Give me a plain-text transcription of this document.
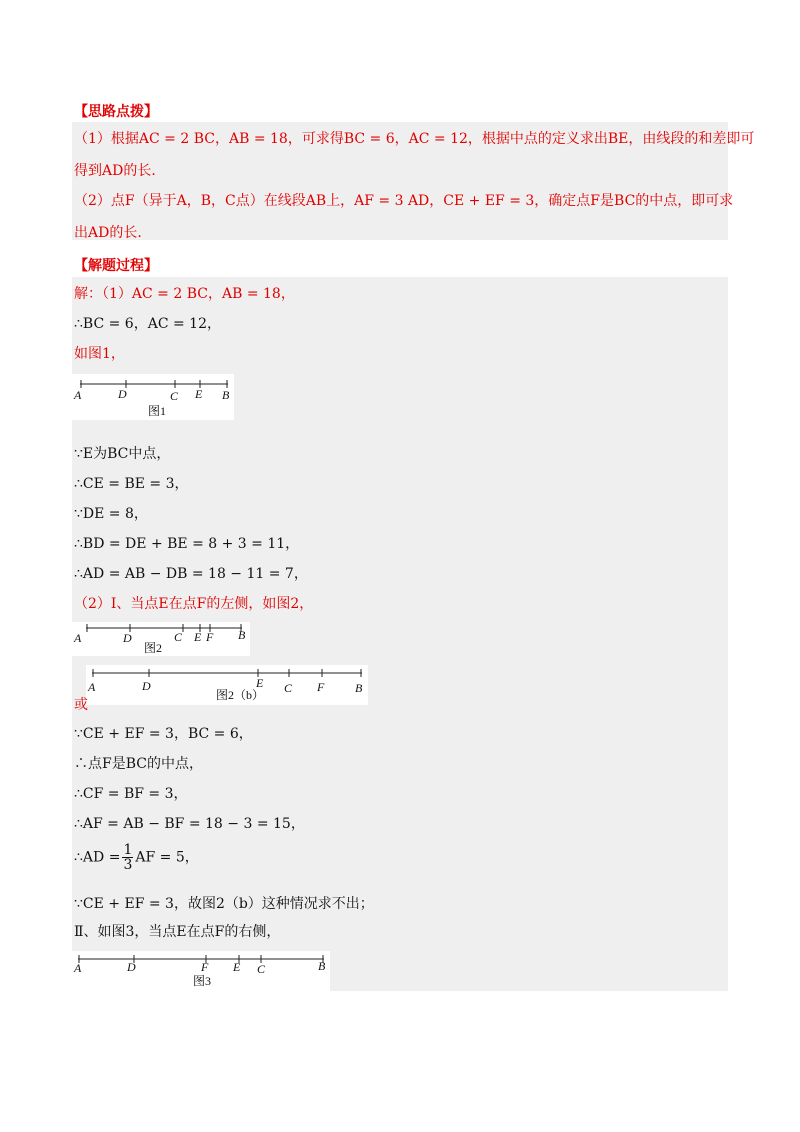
【思路点拨】
（1）根据AC = 2 BC，AB = 18，可求得BC = 6，AC = 12，根据中点的定义求出BE，由线段的和差即可
得到AD的长．
（2）点F（异于A，B，C点）在线段AB上，AF = 3 AD，CE + EF = 3，确定点F是BC的中点，即可求
出AD的长．
【解题过程】
解：（1）AC = 2 BC，AB = 18，
∴BC = 6，AC = 12，
如图1，
A	D	C E B
图1
∵E为BC中点，
∴CE = BE = 3，
∵DE = 8，
∴BD = DE + BE = 8 + 3 = 11，
∴AD = AB − DB = 18 − 11 = 7，
（2）Ⅰ、当点E在点F的左侧，如图2，
A	D	C E F B
图2
A	D	E C F	B
图2（b）
或
∵CE + EF = 3，BC = 6，
∴点F是BC的中点，
∴CF = BF = 3，
∴AF = AB − BF = 18 − 3 = 15，
∴AD = $\frac{1}{3}$ AF = 5，
∵CE + EF = 3，故图2（b）这种情况求不出；
Ⅱ、如图3，当点E在点F的右侧，
A	D	F E C	B
图3
